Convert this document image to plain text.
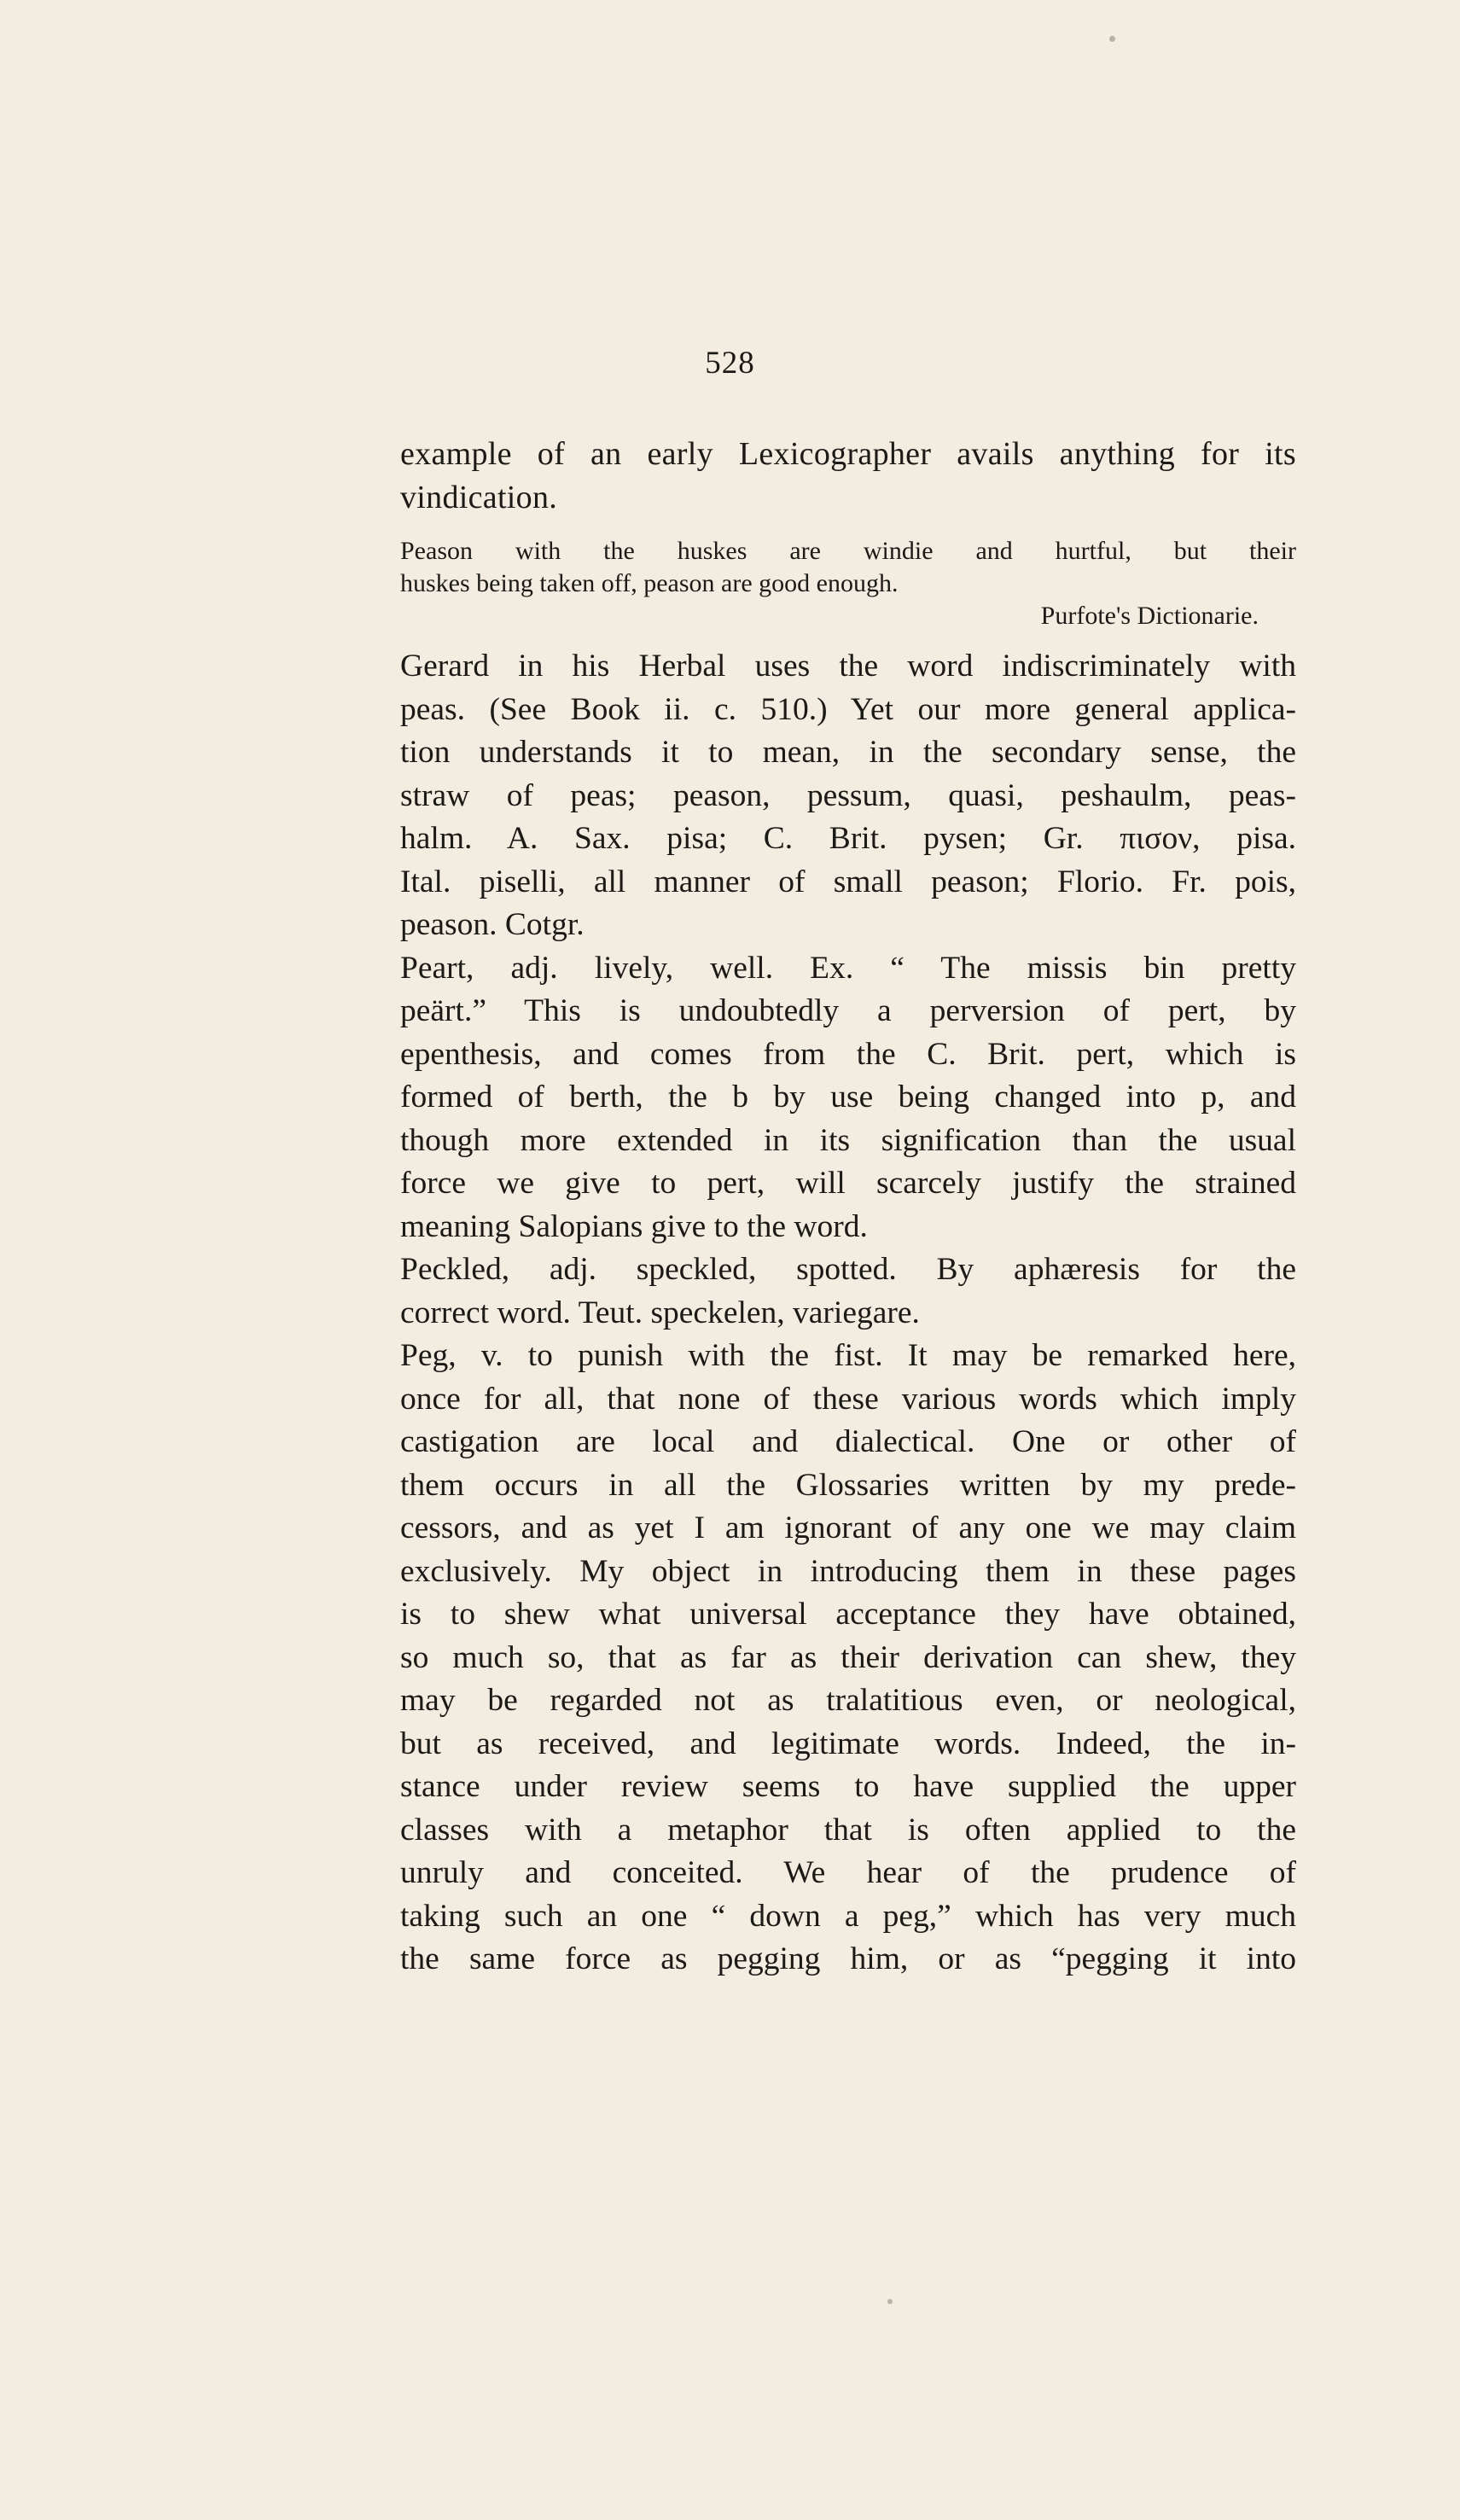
528
example of an early Lexicographer avails anything for its
vindication.
Peason with the huskes are windie and hurtful, but their
huskes being taken off, peason are good enough.
Purfote's Dictionarie.
Gerard in his Herbal uses the word indiscriminately with
peas. (See Book ii. c. 510.) Yet our more general applica-
tion understands it to mean, in the secondary sense, the
straw of peas; peason, pessum, quasi, peshaulm, peas-
halm. A. Sax. pisa; C. Brit. pysen; Gr. πισον, pisa.
Ital. piselli, all manner of small peason; Florio. Fr. pois,
peason. Cotgr.
Peart, adj. lively, well. Ex. “ The missis bin pretty
peärt.” This is undoubtedly a perversion of pert, by
epenthesis, and comes from the C. Brit. pert, which is
formed of berth, the b by use being changed into p, and
though more extended in its signification than the usual
force we give to pert, will scarcely justify the strained
meaning Salopians give to the word.
Peckled, adj. speckled, spotted. By aphæresis for the
correct word. Teut. speckelen, variegare.
Peg, v. to punish with the fist. It may be remarked here,
once for all, that none of these various words which imply
castigation are local and dialectical. One or other of
them occurs in all the Glossaries written by my prede-
cessors, and as yet I am ignorant of any one we may claim
exclusively. My object in introducing them in these pages
is to shew what universal acceptance they have obtained,
so much so, that as far as their derivation can shew, they
may be regarded not as tralatitious even, or neological,
but as received, and legitimate words. Indeed, the in-
stance under review seems to have supplied the upper
classes with a metaphor that is often applied to the
unruly and conceited. We hear of the prudence of
taking such an one “ down a peg,” which has very much
the same force as pegging him, or as “pegging it into
